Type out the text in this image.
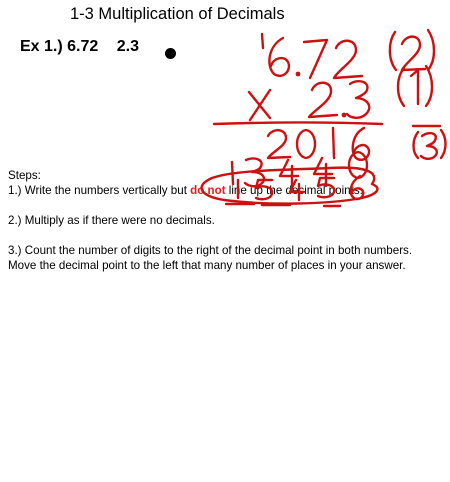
1-3 Multiplication of Decimals
Ex 1.) 6.72 2.3

Steps:

1.) Write the numbers vertically but do not line up the decimal points.

2.) Multiply as if there were no decimals.

3.) Count the number of digits to the right of the decimal point in both numbers. Move the decimal point to the left that many number of places in your answer.
